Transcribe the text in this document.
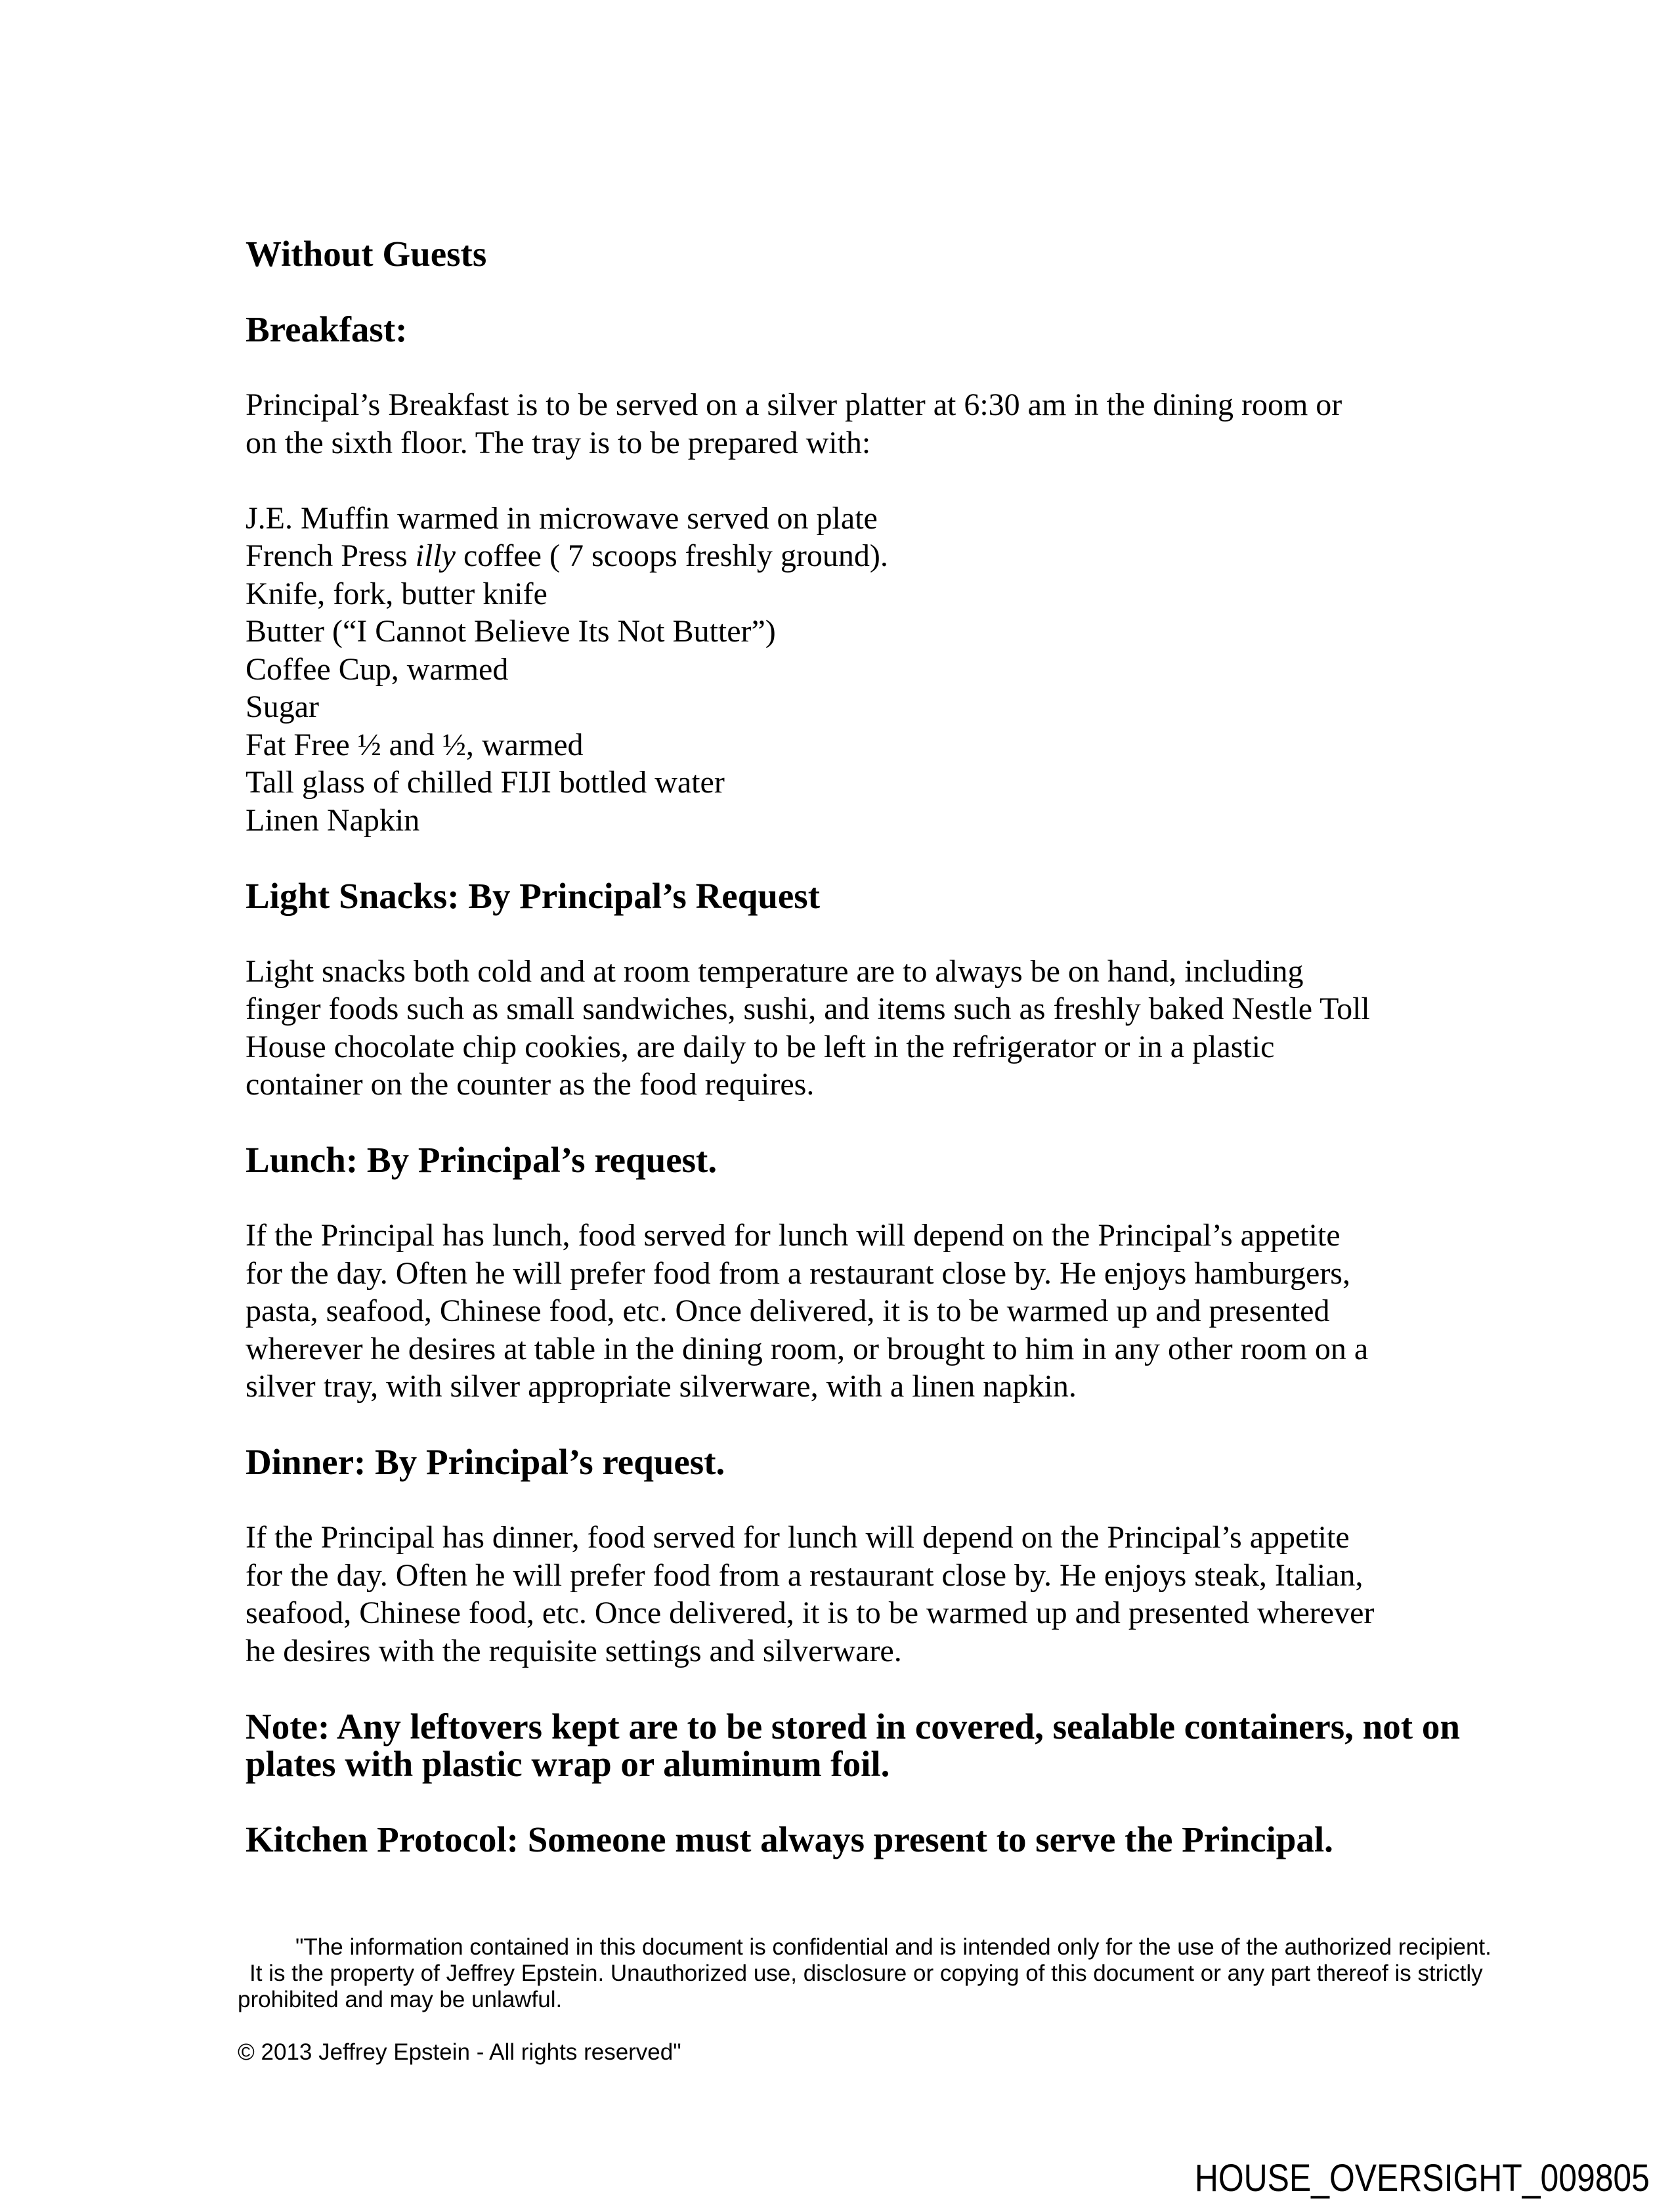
Without Guests
Breakfast:
Principal’s Breakfast is to be served on a silver platter at 6:30 am in the dining room or
on the sixth floor. The tray is to be prepared with:
J.E. Muffin warmed in microwave served on plate
French Press illy coffee ( 7 scoops freshly ground).
Knife, fork, butter knife
Butter (“I Cannot Believe Its Not Butter”)
Coffee Cup, warmed
Sugar
Fat Free ½ and ½, warmed
Tall glass of chilled FIJI bottled water
Linen Napkin
Light Snacks: By Principal’s Request
Light snacks both cold and at room temperature are to always be on hand, including
finger foods such as small sandwiches, sushi, and items such as freshly baked Nestle Toll
House chocolate chip cookies, are daily to be left in the refrigerator or in a plastic
container on the counter as the food requires.
Lunch: By Principal’s request.
If the Principal has lunch, food served for lunch will depend on the Principal’s appetite
for the day. Often he will prefer food from a restaurant close by. He enjoys hamburgers,
pasta, seafood, Chinese food, etc. Once delivered, it is to be warmed up and presented
wherever he desires at table in the dining room, or brought to him in any other room on a
silver tray, with silver appropriate silverware, with a linen napkin.
Dinner: By Principal’s request.
If the Principal has dinner, food served for lunch will depend on the Principal’s appetite
for the day. Often he will prefer food from a restaurant close by. He enjoys steak, Italian,
seafood, Chinese food, etc. Once delivered, it is to be warmed up and presented wherever
he desires with the requisite settings and silverware.
Note: Any leftovers kept are to be stored in covered, sealable containers, not on
plates with plastic wrap or aluminum foil.
Kitchen Protocol: Someone must always present to serve the Principal.
"The information contained in this document is confidential and is intended only for the use of the authorized recipient.
It is the property of Jeffrey Epstein. Unauthorized use, disclosure or copying of this document or any part thereof is strictly
prohibited and may be unlawful.
© 2013 Jeffrey Epstein - All rights reserved"
HOUSE_OVERSIGHT_009805
